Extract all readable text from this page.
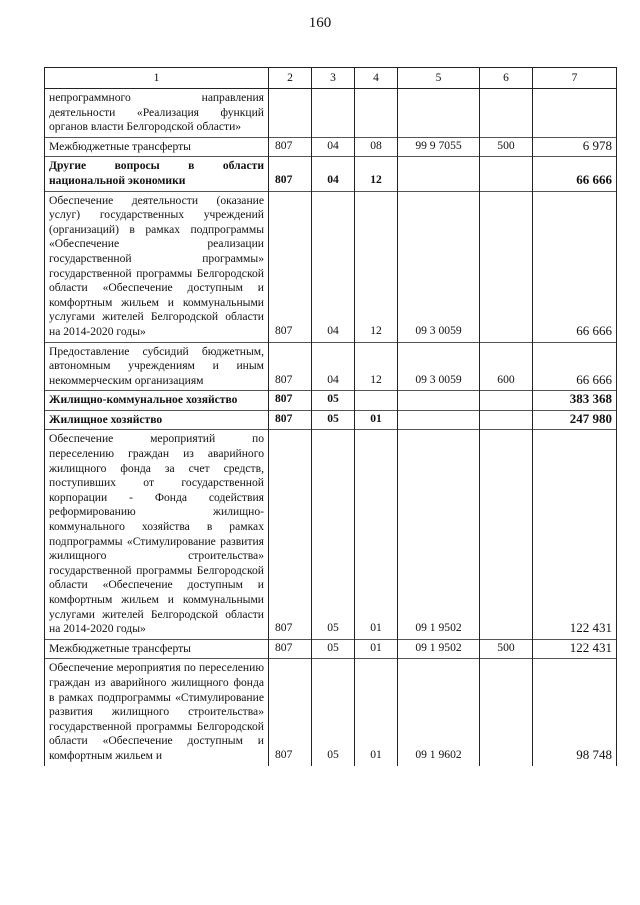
160
1	2	3	4	5	6	7
непрограммного направления деятельности «Реализация функций органов власти Белгородской области»						
Межбюджетные трансферты	807	04	08	99 9 7055	500	6 978
Другие вопросы в области национальной экономики	807	04	12			66 666
Обеспечение деятельности (оказание услуг) государственных учреждений (организаций) в рамках подпрограммы «Обеспечение реализации государственной программы» государственной программы Белгородской области «Обеспечение доступным и комфортным жильем и коммунальными услугами жителей Белгородской области на 2014-2020 годы»	807	04	12	09 3 0059		66 666
Предоставление субсидий бюджетным, автономным учреждениям и иным некоммерческим организациям	807	04	12	09 3 0059	600	66 666
Жилищно-коммунальное хозяйство	807	05				383 368
Жилищное хозяйство	807	05	01			247 980
Обеспечение мероприятий по переселению граждан из аварийного жилищного фонда за счет средств, поступивших от государственной корпорации - Фонда содействия реформированию жилищно-коммунального хозяйства в рамках подпрограммы «Стимулирование развития жилищного строительства» государственной программы Белгородской области «Обеспечение доступным и комфортным жильем и коммунальными услугами жителей Белгородской области на 2014-2020 годы»	807	05	01	09 1 9502		122 431
Межбюджетные трансферты	807	05	01	09 1 9502	500	122 431
Обеспечение мероприятия по переселению граждан из аварийного жилищного фонда в рамках подпрограммы «Стимулирование развития жилищного строительства» государственной программы Белгородской области «Обеспечение доступным и комфортным жильем и	807	05	01	09 1 9602		98 748
